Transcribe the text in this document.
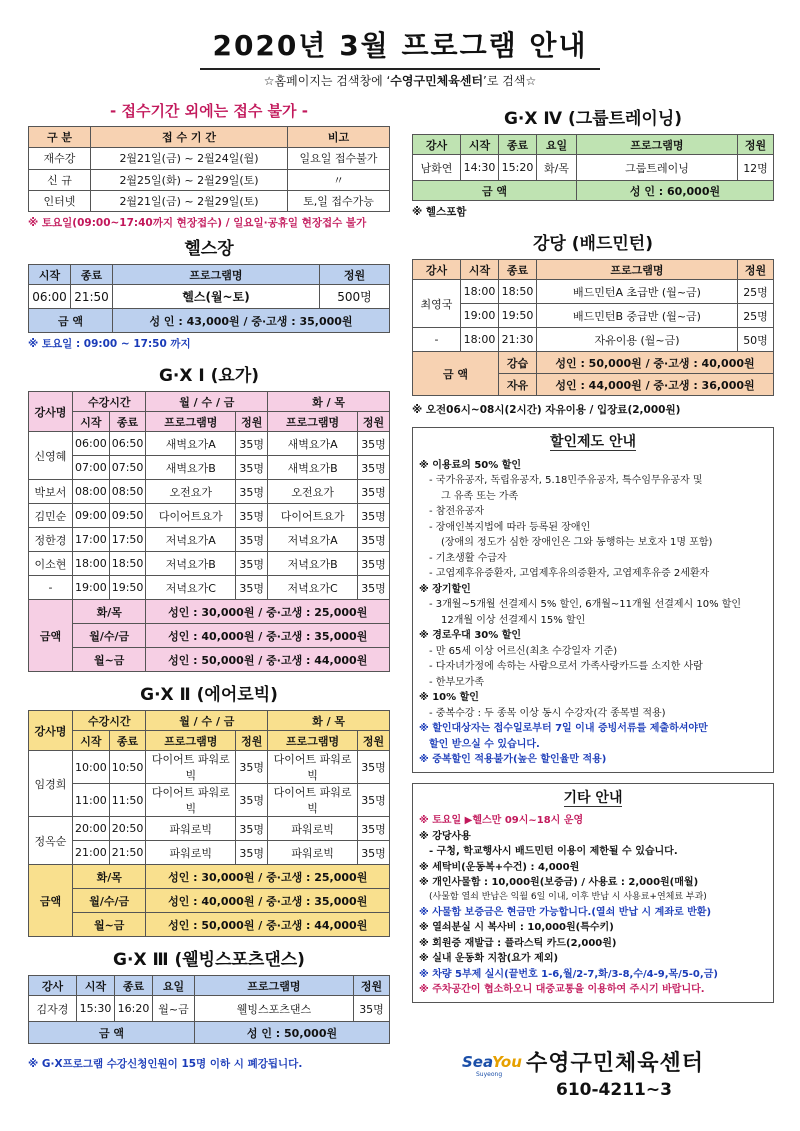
2020년 3월 프로그램 안내
☆홈페이지는 검색창에 ‘수영구민체육센터’로 검색☆
- 접수기간 외에는 접수 불가 -
구 분	접 수 기 간	비고
재수강	2월21일(금) ~ 2월24일(월)	일요일 접수불가
신 규	2월25일(화) ~ 2월29일(토)	〃
인터넷	2월21일(금) ~ 2월29일(토)	토,일 접수가능
※ 토요일(09:00~17:40까지 현장접수) / 일요일·공휴일 현장접수 불가
헬스장
시작	종료	프로그램명	정원
06:00	21:50	헬스(월~토)	500명
금 액		성 인 : 43,000원 / 중·고생 : 35,000원	
※ 토요일 : 09:00 ~ 17:50 까지
G·X Ⅰ (요가)
강사명	수강시간		월 / 수 / 금		화 / 목	
	시작	종료	프로그램명	정원	프로그램명	정원
신영혜	06:00	06:50	새벽요가A	35명	새벽요가A	35명
	07:00	07:50	새벽요가B	35명	새벽요가B	35명
박보서	08:00	08:50	오전요가	35명	오전요가	35명
김민순	09:00	09:50	다이어트요가	35명	다이어트요가	35명
정한경	17:00	17:50	저녁요가A	35명	저녁요가A	35명
이소현	18:00	18:50	저녁요가B	35명	저녁요가B	35명
-	19:00	19:50	저녁요가C	35명	저녁요가C	35명
금액	화/목		성인 : 30,000원 / 중·고생 : 25,000원			
	월/수/금		성인 : 40,000원 / 중·고생 : 35,000원			
	월~금		성인 : 50,000원 / 중·고생 : 44,000원			
G·X Ⅱ (에어로빅)
강사명	수강시간		월 / 수 / 금		화 / 목	
	시작	종료	프로그램명	정원	프로그램명	정원
임경희	10:00	10:50	다이어트 파워로빅	35명	다이어트 파워로빅	35명
	11:00	11:50	다이어트 파워로빅	35명	다이어트 파워로빅	35명
정옥순	20:00	20:50	파워로빅	35명	파워로빅	35명
	21:00	21:50	파워로빅	35명	파워로빅	35명
금액	화/목		성인 : 30,000원 / 중·고생 : 25,000원			
	월/수/금		성인 : 40,000원 / 중·고생 : 35,000원			
	월~금		성인 : 50,000원 / 중·고생 : 44,000원			
G·X Ⅲ (웰빙스포츠댄스)
강사	시작	종료	요일	프로그램명	정원
김자경	15:30	16:20	월~금	웰빙스포츠댄스	35명
금 액				성 인 : 50,000원	
※ G·X프로그램 수강신청인원이 15명 이하 시 폐강됩니다.
G·X Ⅳ (그룹트레이닝)
강사	시작	종료	요일	프로그램명	정원
남화연	14:30	15:20	화/목	그룹트레이닝	12명
금 액				성 인 : 60,000원	
※ 헬스포함
강당 (배드민턴)
강사	시작	종료	프로그램명	정원
최영국	18:00	18:50	배드민턴A 초급반 (월~금)	25명
	19:00	19:50	배드민턴B 중급반 (월~금)	25명
-	18:00	21:30	자유이용 (월~금)	50명
금 액		강습	성인 : 50,000원 / 중·고생 : 40,000원	
		자유	성인 : 44,000원 / 중·고생 : 36,000원	
※ 오전06시~08시(2시간) 자유이용 / 입장료(2,000원)
할인제도 안내
※ 이용료의 50% 할인
- 국가유공자, 독립유공자, 5.18민주유공자, 특수임무유공자 및
그 유족 또는 가족
- 참전유공자
- 장애인복지법에 따라 등록된 장애인
(장애의 정도가 심한 장애인은 그와 동행하는 보호자 1명 포함)
- 기초생활 수급자
- 고엽제후유증환자, 고엽제후유의증환자, 고엽제후유증 2세환자
※ 장기할인
- 3개월~5개월 선결제시 5% 할인, 6개월~11개월 선결제시 10% 할인
12개월 이상 선결제시 15% 할인
※ 경로우대 30% 할인
- 만 65세 이상 어르신(최초 수강일자 기준)
- 다자녀가정에 속하는 사람으로서 가족사랑카드를 소지한 사람
- 한부모가족
※ 10% 할인
- 중복수강 : 두 종목 이상 동시 수강자(각 종목별 적용)
※ 할인대상자는 접수일로부터 7일 이내 증빙서류를 제출하셔야만
할인 받으실 수 있습니다.
※ 중복할인 적용불가(높은 할인율만 적용)
기타 안내
※ 토요일 ▶헬스만 09시~18시 운영
※ 강당사용
- 구청, 학교행사시 배드민턴 이용이 제한될 수 있습니다.
※ 세탁비(운동복+수건) : 4,000원
※ 개인사물함 : 10,000원(보증금) / 사용료 : 2,000원(매월)
(사물함 열쇠 반납은 익월 6일 이내, 이후 반납 시 사용료+연체료 부과)
※ 사물함 보증금은 현금만 가능합니다.(열쇠 반납 시 계좌로 반환)
※ 열쇠분실 시 복사비 : 10,000원(특수키)
※ 회원증 재발급 : 플라스틱 카드(2,000원)
※ 실내 운동화 지참(요가 제외)
※ 차량 5부제 실시(끝번호 1-6,월/2-7,화/3-8,수/4-9,목/5-0,금)
※ 주차공간이 협소하오니 대중교통을 이용하여 주시기 바랍니다.
Sea
You
Suyeong 수영구민체육센터
610-4211~3
